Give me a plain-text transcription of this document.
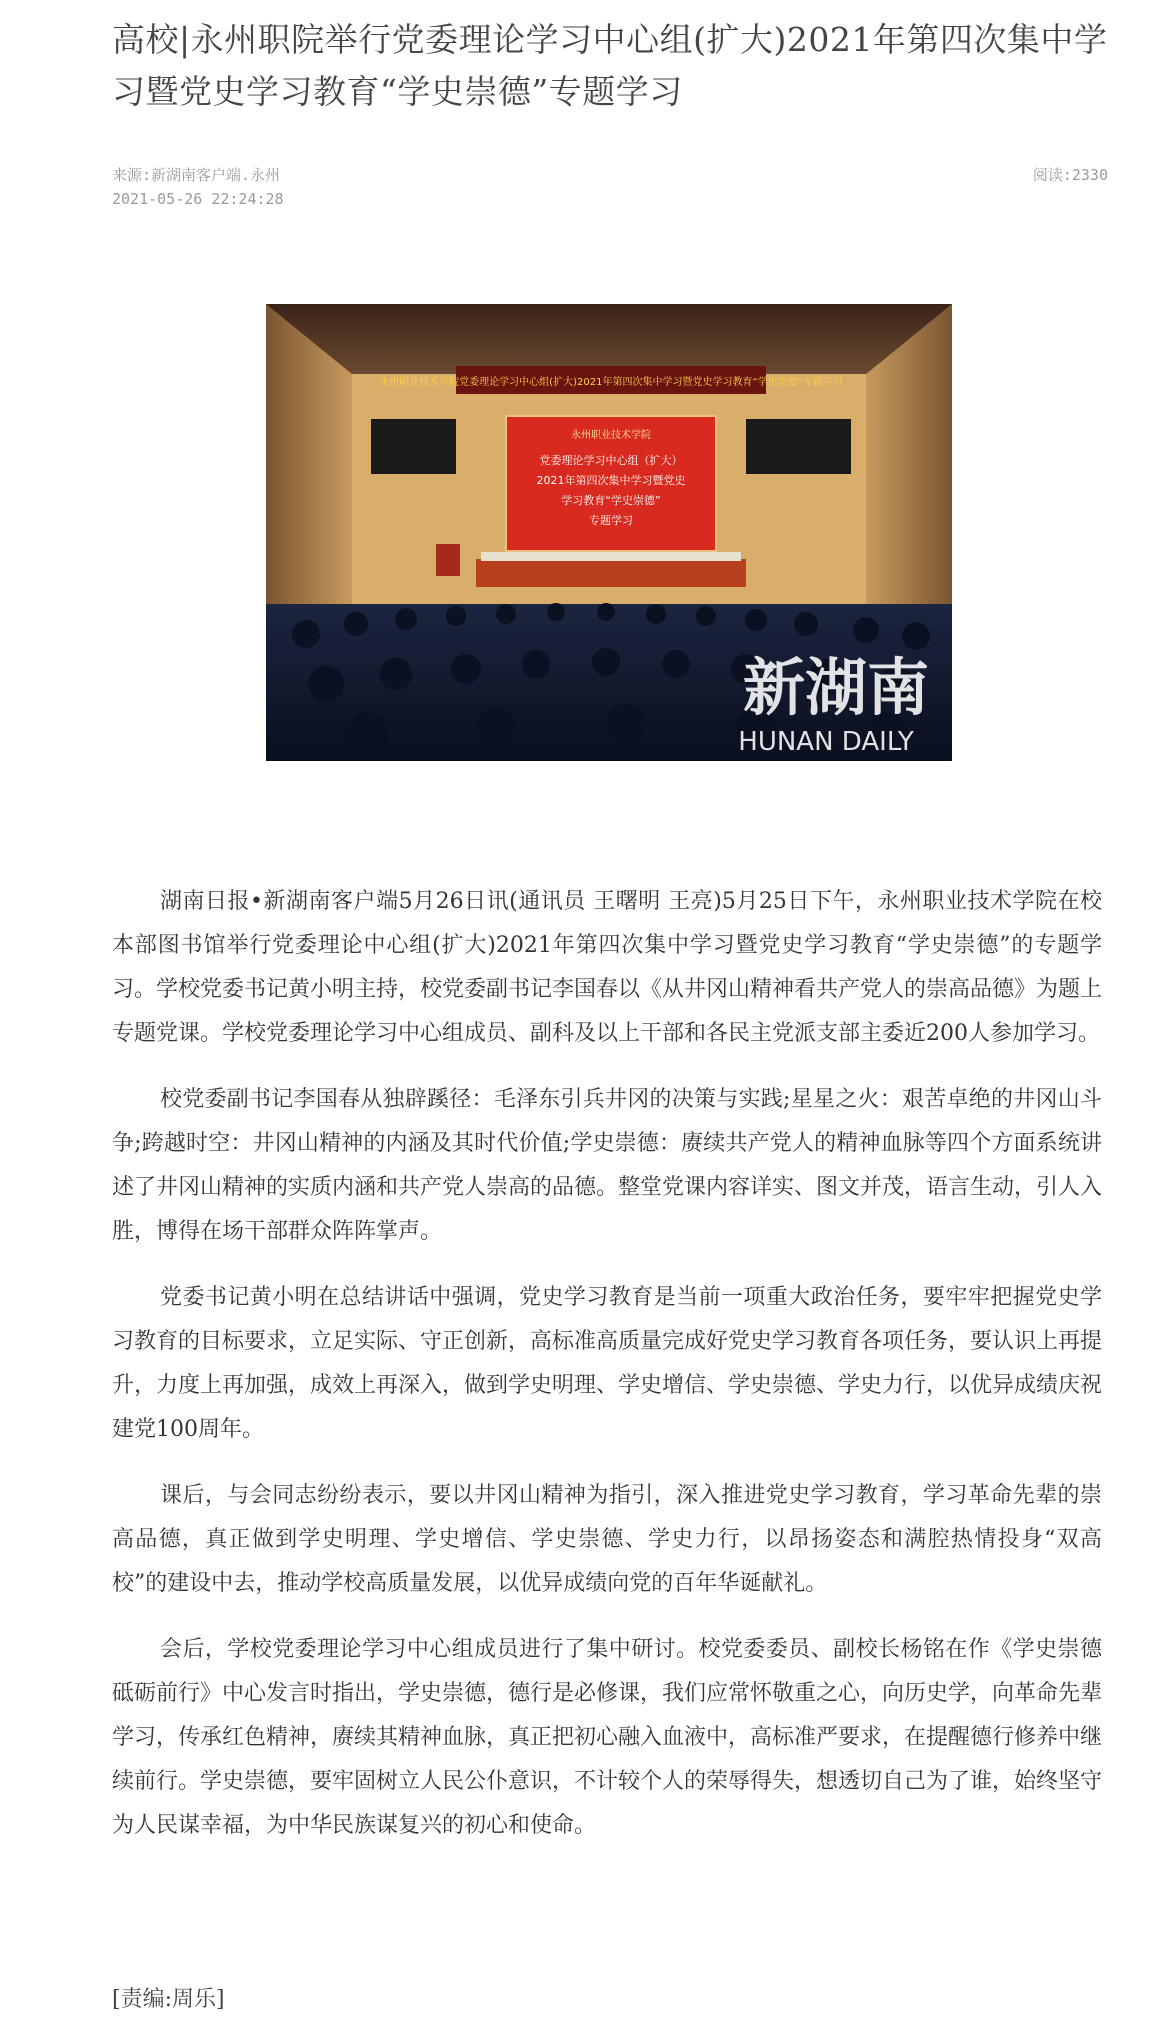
高校|永州职院举行党委理论学习中心组(扩大)2021年第四次集中学习暨党史学习教育“学史崇德”专题学习
来源:新湖南客户端.永州
2021-05-26 22:24:28
阅读:2330
永州职业技术学院党委理论学习中心组(扩大)2021年第四次集中学习暨党史学习教育“学史崇德”专题学习
永州职业技术学院
党委理论学习中心组（扩大）
2021年第四次集中学习暨党史
学习教育“学史崇德”
专题学习
新湖南
HUNAN DAILY

湖南日报•新湖南客户端5月26日讯(通讯员 王曙明 王亮)5月25日下午，永州职业技术学院在校本部图书馆举行党委理论中心组(扩大)2021年第四次集中学习暨党史学习教育“学史崇德”的专题学习。学校党委书记黄小明主持，校党委副书记李国春以《从井冈山精神看共产党人的崇高品德》为题上专题党课。学校党委理论学习中心组成员、副科及以上干部和各民主党派支部主委近200人参加学习。

校党委副书记李国春从独辟蹊径：毛泽东引兵井冈的决策与实践;星星之火：艰苦卓绝的井冈山斗争;跨越时空：井冈山精神的内涵及其时代价值;学史崇德：赓续共产党人的精神血脉等四个方面系统讲述了井冈山精神的实质内涵和共产党人崇高的品德。整堂党课内容详实、图文并茂，语言生动，引人入胜，博得在场干部群众阵阵掌声。

党委书记黄小明在总结讲话中强调，党史学习教育是当前一项重大政治任务，要牢牢把握党史学习教育的目标要求，立足实际、守正创新，高标准高质量完成好党史学习教育各项任务，要认识上再提升，力度上再加强，成效上再深入，做到学史明理、学史增信、学史崇德、学史力行，以优异成绩庆祝建党100周年。

课后，与会同志纷纷表示，要以井冈山精神为指引，深入推进党史学习教育，学习革命先辈的崇高品德，真正做到学史明理、学史增信、学史崇德、学史力行，以昂扬姿态和满腔热情投身“双高校”的建设中去，推动学校高质量发展，以优异成绩向党的百年华诞献礼。

会后，学校党委理论学习中心组成员进行了集中研讨。校党委委员、副校长杨铭在作《学史崇德 砥砺前行》中心发言时指出，学史崇德，德行是必修课，我们应常怀敬重之心，向历史学，向革命先辈学习，传承红色精神，赓续其精神血脉，真正把初心融入血液中，高标准严要求，在提醒德行修养中继续前行。学史崇德，要牢固树立人民公仆意识，不计较个人的荣辱得失，想透切自己为了谁，始终坚守为人民谋幸福，为中华民族谋复兴的初心和使命。

[责编:周乐]
